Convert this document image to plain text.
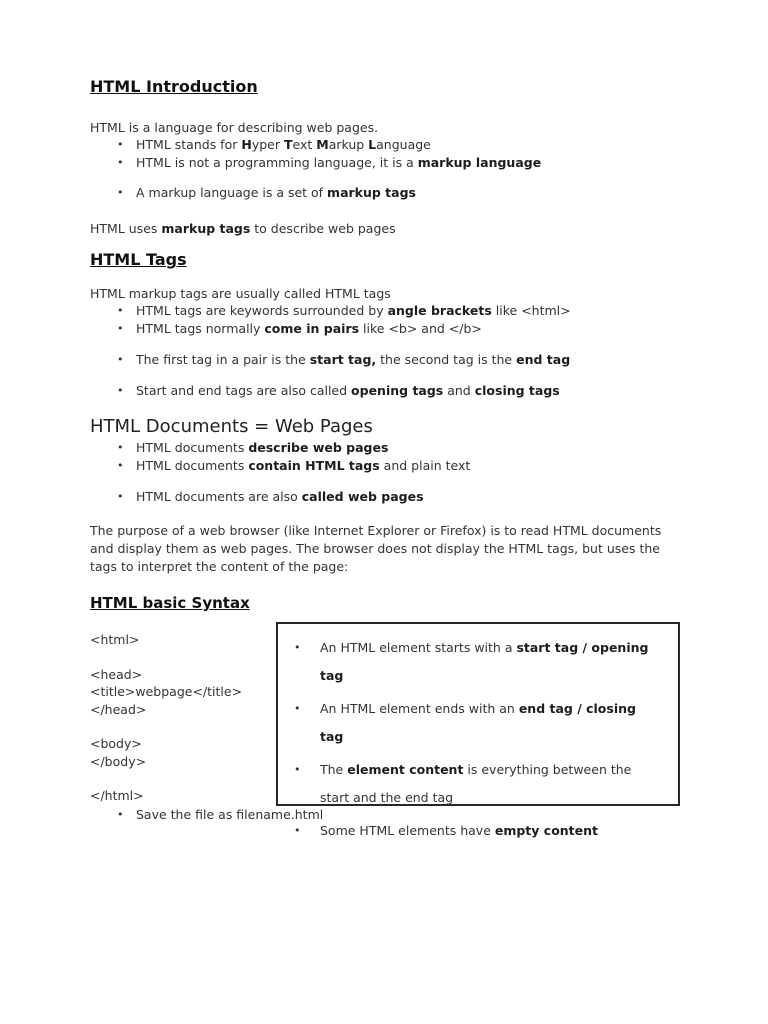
HTML Introduction
HTML is a language for describing web pages.
•	HTML stands for Hyper Text Markup Language
•	HTML is not a programming language, it is a markup language
•	A markup language is a set of markup tags
HTML uses markup tags to describe web pages
HTML Tags
HTML markup tags are usually called HTML tags
•	HTML tags are keywords surrounded by angle brackets like <html>
•	HTML tags normally come in pairs like <b> and </b>
•	The first tag in a pair is the start tag, the second tag is the end tag
•	Start and end tags are also called opening tags and closing tags
HTML Documents = Web Pages
•	HTML documents describe web pages
•	HTML documents contain HTML tags and plain text
•	HTML documents are also called web pages
The purpose of a web browser (like Internet Explorer or Firefox) is to read HTML documents and display them as web pages. The browser does not display the HTML tags, but uses the tags to interpret the content of the page:
HTML basic Syntax
<html>
<head>
<title>webpage</title>
</head>
<body>
</body>
</html>
•	An HTML element starts with a start tag / opening tag
•	An HTML element ends with an end tag / closing tag
•	The element content is everything between the start and the end tag
•	Some HTML elements have empty content
•	Save the file as filename.html
